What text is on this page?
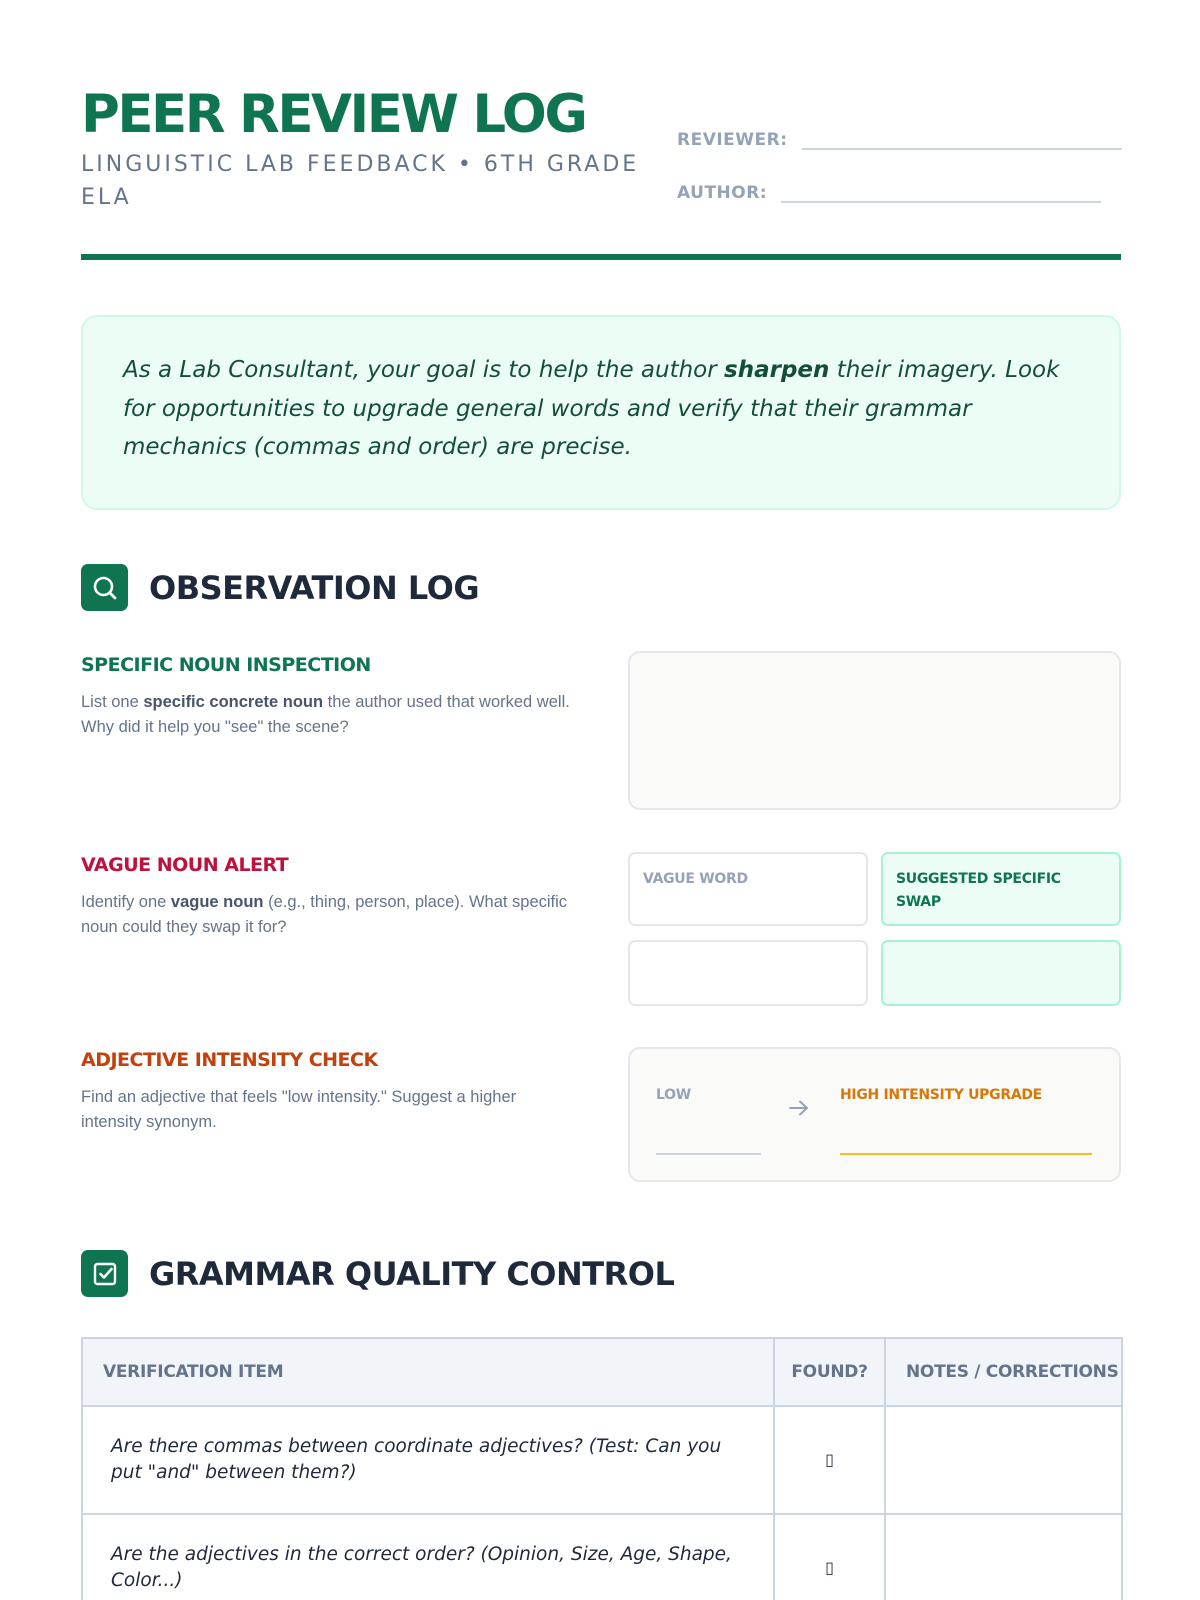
PEER REVIEW LOG
LINGUISTIC LAB FEEDBACK • 6TH GRADE ELA
REVIEWER:
AUTHOR:

As a Lab Consultant, your goal is to help the author sharpen their imagery. Look for opportunities to upgrade general words and verify that their grammar mechanics (commas and order) are precise.

OBSERVATION LOG
SPECIFIC NOUN INSPECTION
List one specific concrete noun the author used that worked well. Why did it help you "see" the scene?
VAGUE NOUN ALERT
Identify one vague noun (e.g., thing, person, place). What specific noun could they swap it for?
VAGUE WORD	SUGGESTED SPECIFIC SWAP
ADJECTIVE INTENSITY CHECK
Find an adjective that feels "low intensity." Suggest a higher intensity synonym.
LOW	HIGH INTENSITY UPGRADE
GRAMMAR QUALITY CONTROL
VERIFICATION ITEM	FOUND?	NOTES / CORRECTIONS
Are there commas between coordinate adjectives? (Test: Can you put "and" between them?)	▯	
Are the adjectives in the correct order? (Opinion, Size, Age, Shape, Color...)	▯	
